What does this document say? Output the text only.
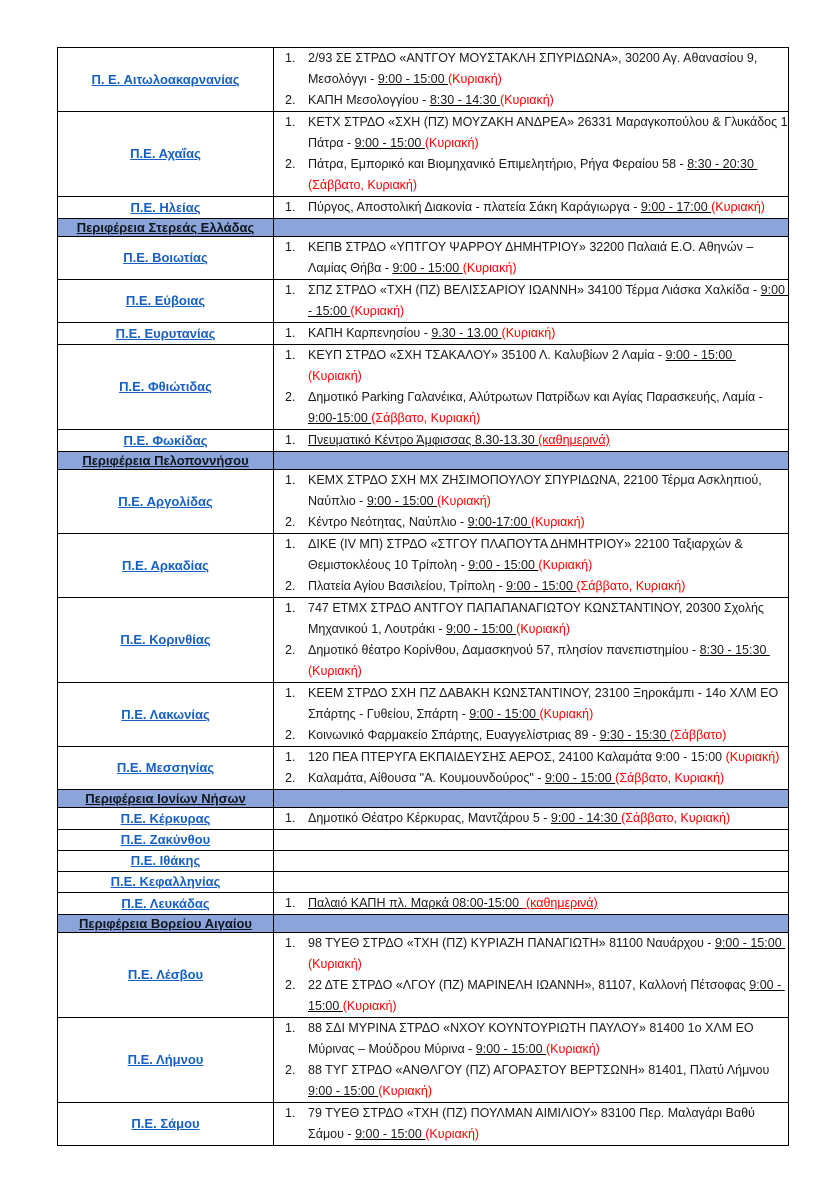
Π. Ε. Αιτωλοακαρνανίας	1. 2/93 ΣΕ ΣΤΡΔΟ «ΑΝΤΓΟΥ ΜΟΥΣΤΑΚΛΗ ΣΠΥΡΙΔΩΝΑ», 30200 Αγ. Αθανασίου 9, Μεσολόγγι - 9:00 - 15:00 (Κυριακή)
2. ΚΑΠΗ Μεσολογγίου - 8:30 - 14:30 (Κυριακή)

Π.Ε. Αχαΐας	1. ΚΕΤΧ ΣΤΡΔΟ «ΣΧΗ (ΠΖ) ΜΟΥΖΑΚΗ ΑΝΔΡΕΑ» 26331 Μαραγκοπούλου & Γλυκάδος 1 Πάτρα - 9:00 - 15:00 (Κυριακή)
2. Πάτρα, Εμπορικό και Βιομηχανικό Επιμελητήριο, Ρήγα Φεραίου 58 - 8:30 - 20:30 (Σάββατο, Κυριακή)

Π.Ε. Ηλείας	1. Πύργος, Αποστολική Διακονία - πλατεία Σάκη Καράγιωργα - 9:00 - 17:00 (Κυριακή)

Περιφέρεια Στερεάς Ελλάδας	

Π.Ε. Βοιωτίας	1. ΚΕΠΒ ΣΤΡΔΟ «ΥΠΤΓΟΥ ΨΑΡΡΟΥ ΔΗΜΗΤΡΙΟΥ» 32200 Παλαιά Ε.Ο. Αθηνών – Λαμίας Θήβα - 9:00 - 15:00 (Κυριακή)

Π.Ε. Εύβοιας	1. ΣΠΖ ΣΤΡΔΟ «ΤΧΗ (ΠΖ) ΒΕΛΙΣΣΑΡΙΟΥ ΙΩΑΝΝΗ» 34100 Τέρμα Λιάσκα Χαλκίδα - 9:00 - 15:00 (Κυριακή)

Π.Ε. Ευρυτανίας	1. ΚΑΠΗ Καρπενησίου - 9.30 - 13.00 (Κυριακή)

Π.Ε. Φθιώτιδας	1. ΚΕΥΠ ΣΤΡΔΟ «ΣΧΗ ΤΣΑΚΑΛΟΥ» 35100 Λ. Καλυβίων 2 Λαμία - 9:00 - 15:00 (Κυριακή)
2. Δημοτικό Parking Γαλανέικα, Αλύτρωτων Πατρίδων και Αγίας Παρασκευής, Λαμία - 9:00-15:00 (Σάββατο, Κυριακή)

Π.Ε. Φωκίδας	1. Πνευματικό Κέντρο Άμφισσας 8.30-13.30 (καθημερινά)

Περιφέρεια Πελοποννήσου	

Π.Ε. Αργολίδας	1. ΚΕΜΧ ΣΤΡΔΟ ΣΧΗ ΜΧ ΖΗΣΙΜΟΠΟΥΛΟΥ ΣΠΥΡΙΔΩΝΑ, 22100 Τέρμα Ασκληπιού, Ναύπλιο - 9:00 - 15:00 (Κυριακή)
2. Κέντρο Νεότητας, Ναύπλιο - 9:00-17:00 (Κυριακή)

Π.Ε. Αρκαδίας	1. ΔΙΚΕ (IV ΜΠ) ΣΤΡΔΟ «ΣΤΓΟΥ ΠΛΑΠΟΥΤΑ ΔΗΜΗΤΡΙΟΥ» 22100 Ταξιαρχών & Θεμιστοκλέους 10 Τρίπολη - 9:00 - 15:00 (Κυριακή)
2. Πλατεία Αγίου Βασιλείου, Τρίπολη - 9:00 - 15:00 (Σάββατο, Κυριακή)

Π.Ε. Κορινθίας	1. 747 ΕΤΜΧ ΣΤΡΔΟ ΑΝΤΓΟΥ ΠΑΠΑΠΑΝΑΓΙΩΤΟΥ ΚΩΝΣΤΑΝΤΙΝΟΥ, 20300 Σχολής Μηχανικού 1, Λουτράκι - 9:00 - 15:00 (Κυριακή)
2. Δημοτικό θέατρο Κορίνθου, Δαμασκηνού 57, πλησίον πανεπιστημίου - 8:30 - 15:30 (Κυριακή)

Π.Ε. Λακωνίας	1. ΚΕΕΜ ΣΤΡΔΟ ΣΧΗ ΠΖ ΔΑΒΑΚΗ ΚΩΝΣΤΑΝΤΙΝΟΥ, 23100 Ξηροκάμπι - 14ο ΧΛΜ ΕΟ Σπάρτης - Γυθείου, Σπάρτη - 9:00 - 15:00 (Κυριακή)
2. Κοινωνικό Φαρμακείο Σπάρτης, Ευαγγελίστριας 89 - 9:30 - 15:30 (Σάββατο)

Π.Ε. Μεσσηνίας	1. 120 ΠΕΑ ΠΤΕΡΥΓΑ ΕΚΠΑΙΔΕΥΣΗΣ ΑΕΡΟΣ, 24100 Καλαμάτα 9:00 - 15:00 (Κυριακή)
2. Καλαμάτα, Αίθουσα "Α. Κουμουνδούρος" - 9:00 - 15:00 (Σάββατο, Κυριακή)

Περιφέρεια Ιονίων Νήσων	

Π.Ε. Κέρκυρας	1. Δημοτικό Θέατρο Κέρκυρας, Μαντζάρου 5 - 9:00 - 14:30 (Σάββατο, Κυριακή)

Π.Ε. Ζακύνθου	
Π.Ε. Ιθάκης	
Π.Ε. Κεφαλληνίας	
Π.Ε. Λευκάδας	1. Παλαιό ΚΑΠΗ πλ. Μαρκά 08:00-15:00  (καθημερινά)

Περιφέρεια Βορείου Αιγαίου	

Π.Ε. Λέσβου	1. 98 ΤΥΕΘ ΣΤΡΔΟ «ΤΧΗ (ΠΖ) ΚΥΡΙΑΖΗ ΠΑΝΑΓΙΩΤΗ» 81100 Ναυάρχου - 9:00 - 15:00 (Κυριακή)
2. 22 ΔΤΕ ΣΤΡΔΟ «ΛΓΟΥ (ΠΖ) ΜΑΡΙΝΕΛΗ ΙΩΑΝΝΗ», 81107, Καλλονή Πέτσοφας 9:00 - 15:00 (Κυριακή)

Π.Ε. Λήμνου	1. 88 ΣΔΙ ΜΥΡΙΝΑ ΣΤΡΔΟ «ΝΧΟΥ ΚΟΥΝΤΟΥΡΙΩΤΗ ΠΑΥΛΟΥ» 81400 1ο ΧΛΜ ΕΟ Μύρινας – Μούδρου Μύρινα - 9:00 - 15:00 (Κυριακή)
2. 88 ΤΥΓ ΣΤΡΔΟ «ΑΝΘΛΓΟΥ (ΠΖ) ΑΓΟΡΑΣΤΟΥ ΒΕΡΤΣΩΝΗ» 81401, Πλατύ Λήμνου 9:00 - 15:00 (Κυριακή)

Π.Ε. Σάμου	1. 79 ΤΥΕΘ ΣΤΡΔΟ «ΤΧΗ (ΠΖ) ΠΟΥΛΜΑΝ ΑΙΜΙΛΙΟΥ» 83100 Περ. Μαλαγάρι Βαθύ Σάμου - 9:00 - 15:00 (Κυριακή)
